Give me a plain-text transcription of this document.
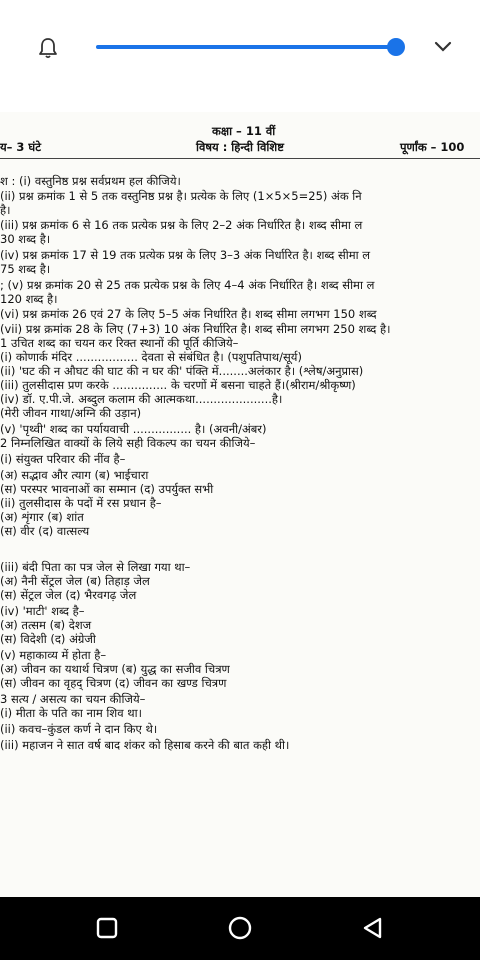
कक्षा – 11 वीं
य– 3 घंटे	विषय : हिन्दी विशिष्ट	पूर्णांक – 100
श : (i) वस्तुनिष्ठ प्रश्न सर्वप्रथम हल कीजिये।
(ii) प्रश्न क्रमांक 1 से 5 तक वस्तुनिष्ठ प्रश्न है। प्रत्येक के लिए (1×5×5=25) अंक नि
है।
(iii) प्रश्न क्रमांक 6 से 16 तक प्रत्येक प्रश्न के लिए 2–2 अंक निर्धारित है। शब्द सीमा ल
30 शब्द है।
(iv) प्रश्न क्रमांक 17 से 19 तक प्रत्येक प्रश्न के लिए 3–3 अंक निर्धारित है। शब्द सीमा ल
75 शब्द है।
; (v) प्रश्न क्रमांक 20 से 25 तक प्रत्येक प्रश्न के लिए 4–4 अंक निर्धारित है। शब्द सीमा ल
120 शब्द है।
(vi) प्रश्न क्रमांक 26 एवं 27 के लिए 5–5 अंक निर्धारित है। शब्द सीमा लगभग 150 शब्द
(vii) प्रश्न क्रमांक 28 के लिए (7+3) 10 अंक निर्धारित है। शब्द सीमा लगभग 250 शब्द है।
1 उचित शब्द का चयन कर रिक्त स्थानों की पूर्ति कीजिये–
(i) कोणार्क मंदिर ................. देवता से संबंधित है। (पशुपतिपाथ/सूर्य)
(ii) 'घट की न औघट की घाट की न घर की' पंक्ति में........अलंकार है। (श्लेष/अनुप्रास)
(iii) तुलसीदास प्रण करके ............... के चरणों में बसना चाहते हैं।(श्रीराम/श्रीकृष्ण)
(iv) डॉ. ए.पी.जे. अब्दुल कलाम की आत्मकथा.....................है।
(मेरी जीवन गाथा/अग्नि की उड़ान)
(v) 'पृथ्वी' शब्द का पर्यायवाची ................ है। (अवनी/अंबर)
2 निम्नलिखित वाक्यों के लिये सही विकल्प का चयन कीजिये–
(i) संयुक्त परिवार की नींव है–
(अ) सद्भाव और त्याग (ब) भाईचारा
(स) परस्पर भावनाओं का सम्मान (द) उपर्युक्त सभी
(ii) तुलसीदास के पदों में रस प्रधान है–
(अ) शृंगार (ब) शांत
(स) वीर (द) वात्सल्य
(iii) बंदी पिता का पत्र जेल से लिखा गया था–
(अ) नैनी सेंट्रल जेल (ब) तिहाड़ जेल
(स) सेंट्रल जेल (द) भैरवगढ़ जेल
(iv) 'माटी' शब्द है–
(अ) तत्सम (ब) देशज
(स) विदेशी (द) अंग्रेजी
(v) महाकाव्य में होता है–
(अ) जीवन का यथार्थ चित्रण (ब) युद्ध का सजीव चित्रण
(स) जीवन का वृहद् चित्रण (द) जीवन का खण्ड चित्रण
3 सत्य / असत्य का चयन कीजिये–
(i) मीता के पति का नाम शिव था।
(ii) कवच–कुंडल कर्ण ने दान किए थे।
(iii) महाजन ने सात वर्ष बाद शंकर को हिसाब करने की बात कही थी।
